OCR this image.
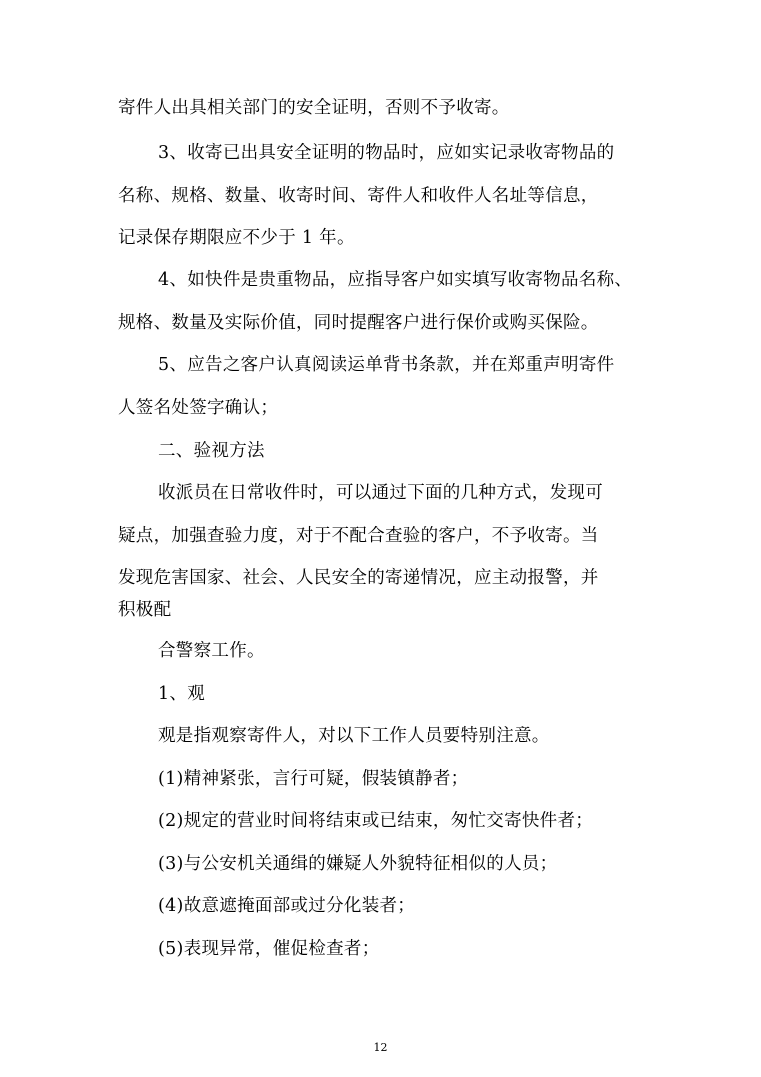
寄件人出具相关部门的安全证明，否则不予收寄。
3、收寄已出具安全证明的物品时，应如实记录收寄物品的
名称、规格、数量、收寄时间、寄件人和收件人名址等信息，
记录保存期限应不少于 1 年。
4、如快件是贵重物品，应指导客户如实填写收寄物品名称、
规格、数量及实际价值，同时提醒客户进行保价或购买保险。
5、应告之客户认真阅读运单背书条款，并在郑重声明寄件
人签名处签字确认；
二、验视方法
收派员在日常收件时，可以通过下面的几种方式，发现可
疑点，加强查验力度，对于不配合查验的客户，不予收寄。当
发现危害国家、社会、人民安全的寄递情况，应主动报警，并
积极配
合警察工作。
1、观
观是指观察寄件人，对以下工作人员要特别注意。
(1)精神紧张，言行可疑，假装镇静者；
(2)规定的营业时间将结束或已结束，匆忙交寄快件者；
(3)与公安机关通缉的嫌疑人外貌特征相似的人员；
(4)故意遮掩面部或过分化装者；
(5)表现异常，催促检查者；
12
